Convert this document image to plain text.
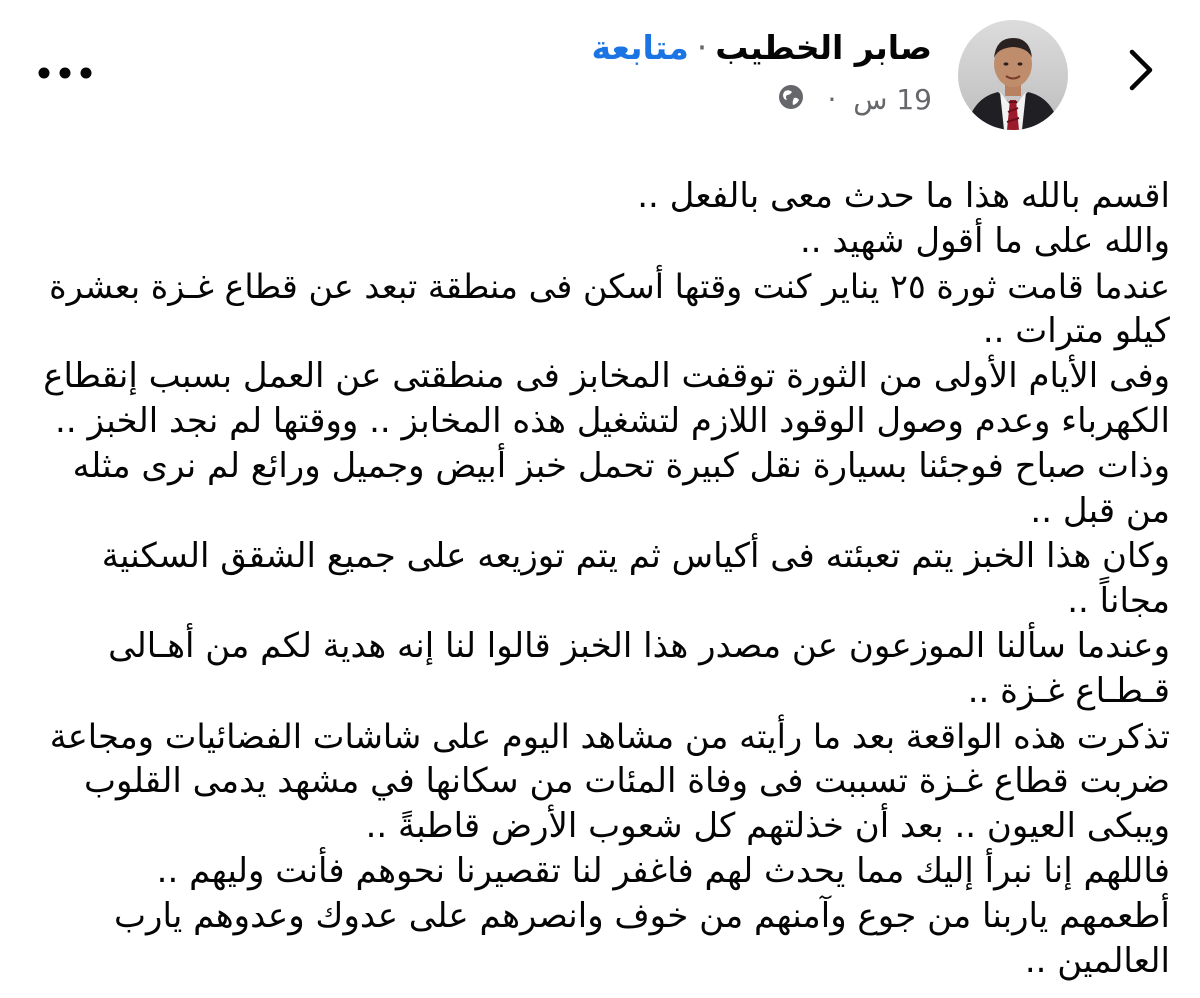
صابر الخطيب·متابعة
19 س ·
اقسم بالله هذا ما حدث معى بالفعل ..
والله على ما أقول شهيد ..
عندما قامت ثورة ٢٥ يناير كنت وقتها أسكن فى منطقة تبعد عن قطاع غـزة بعشرة
كيلو مترات ..
وفى الأيام الأولى من الثورة توقفت المخابز فى منطقتى عن العمل بسبب إنقطاع
الكهرباء وعدم وصول الوقود اللازم لتشغيل هذه المخابز .. ووقتها لم نجد الخبز ..
وذات صباح فوجئنا بسيارة نقل كبيرة تحمل خبز أبيض وجميل ورائع لم نرى مثله
من قبل ..
وكان هذا الخبز يتم تعبئته فى أكياس ثم يتم توزيعه على جميع الشقق السكنية
مجاناً ..
وعندما سألنا الموزعون عن مصدر هذا الخبز قالوا لنا إنه هدية لكم من أهـالى
قـطـاع غـزة ..
تذكرت هذه الواقعة بعد ما رأيته من مشاهد اليوم على شاشات الفضائيات ومجاعة
ضربت قطاع غـزة تسببت فى وفاة المئات من سكانها في مشهد يدمى القلوب
ويبكى العيون .. بعد أن خذلتهم كل شعوب الأرض قاطبةً ..
فاللهم إنا نبرأ إليك مما يحدث لهم فاغفر لنا تقصيرنا نحوهم فأنت وليهم ..
أطعمهم ياربنا من جوع وآمنهم من خوف وانصرهم على عدوك وعدوهم يارب
العالمين ..
